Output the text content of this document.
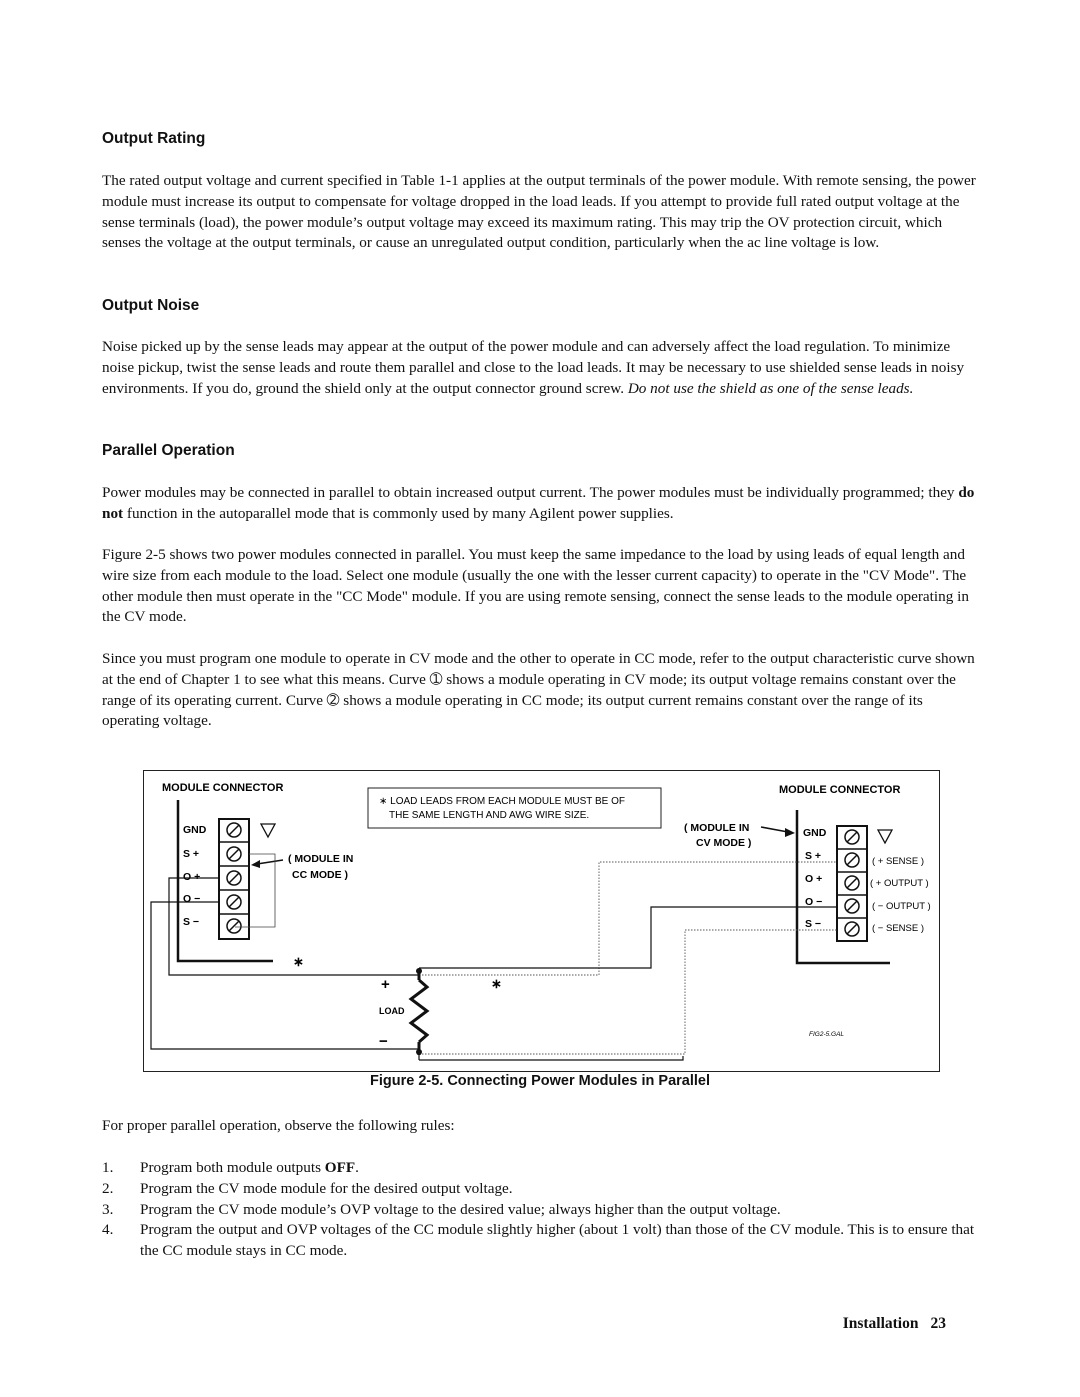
Output Rating

The rated output voltage and current specified in Table 1-1 applies at the output terminals of the power module. With remote sensing, the power module must increase its output to compensate for voltage dropped in the load leads. If you attempt to provide full rated output voltage at the sense terminals (load), the power module’s output voltage may exceed its maximum rating. This may trip the OV protection circuit, which senses the voltage at the output terminals, or cause an unregulated output condition, particularly when the ac line voltage is low.

Output Noise

Noise picked up by the sense leads may appear at the output of the power module and can adversely affect the load regulation. To minimize noise pickup, twist the sense leads and route them parallel and close to the load leads. It may be necessary to use shielded sense leads in noisy environments. If you do, ground the shield only at the output connector ground screw. Do not use the shield as one of the sense leads.

Parallel Operation

Power modules may be connected in parallel to obtain increased output current. The power modules must be individually programmed; they do not function in the autoparallel mode that is commonly used by many Agilent power supplies.

Figure 2-5 shows two power modules connected in parallel. You must keep the same impedance to the load by using leads of equal length and wire size from each module to the load. Select one module (usually the one with the lesser current capacity) to operate in the "CV Mode". The other module then must operate in the "CC Mode" module. If you are using remote sensing, connect the sense leads to the module operating in the CV mode.

Since you must program one module to operate in CV mode and the other to operate in CC mode, refer to the output characteristic curve shown at the end of Chapter 1 to see what this means. Curve ➀ shows a module operating in CV mode; its output voltage remains constant over the range of its operating current. Curve ➁ shows a module operating in CC mode; its output current remains constant over the range of its operating voltage.

MODULE CONNECTOR	MODULE CONNECTOR
∗ LOAD LEADS FROM EACH MODULE MUST BE OF
THE SAME LENGTH AND AWG WIRE SIZE.
GND
S +
O +
O −
S −
( MODULE IN
CC MODE )
GND
S +
O +
O −
S −
( + SENSE )
( + OUTPUT )
( − OUTPUT )
( − SENSE )
( MODULE IN
CV MODE )
+
LOAD
−
∗
∗
FIG2-5.GAL
Figure 2-5. Connecting Power Modules in Parallel

For proper parallel operation, observe the following rules:

1. Program both module outputs OFF.
2. Program the CV mode module for the desired output voltage.
3. Program the CV mode module’s OVP voltage to the desired value; always higher than the output voltage.
4. Program the output and OVP voltages of the CC module slightly higher (about 1 volt) than those of the CV module. This is to ensure that the CC module stays in CC mode.
Installation 23
